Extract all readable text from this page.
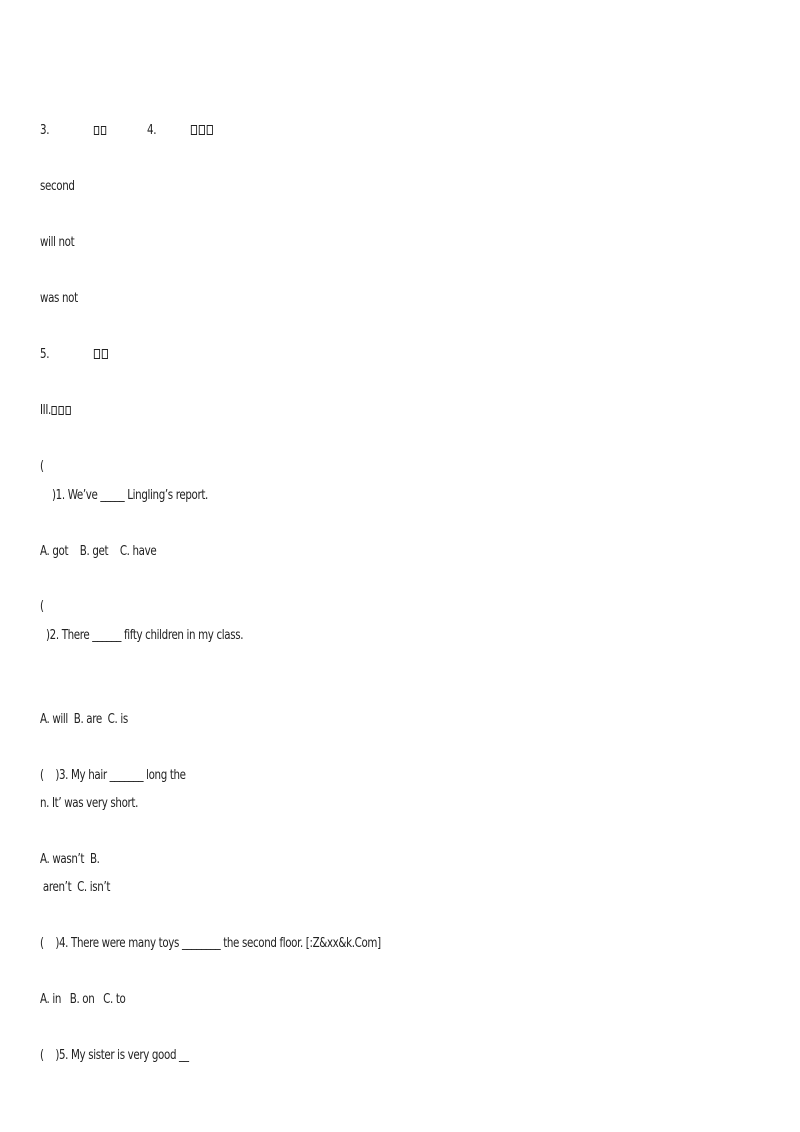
3.	4.
second
will not
was not
5.
III.
(
)1. We’ve _____ Lingling’s report.
A. got    B. get    C. have
(
)2. There ______ fifty children in my class.
A. will  B. are  C. is
(    )3. My hair _______ long the
n. It’ was very short.
A. wasn’t  B.
aren’t  C. isn’t
(    )4. There were many toys ________ the second floor. [:Z&xx&k.Com]
A. in   B. on   C. to
(    )5. My sister is very good __
